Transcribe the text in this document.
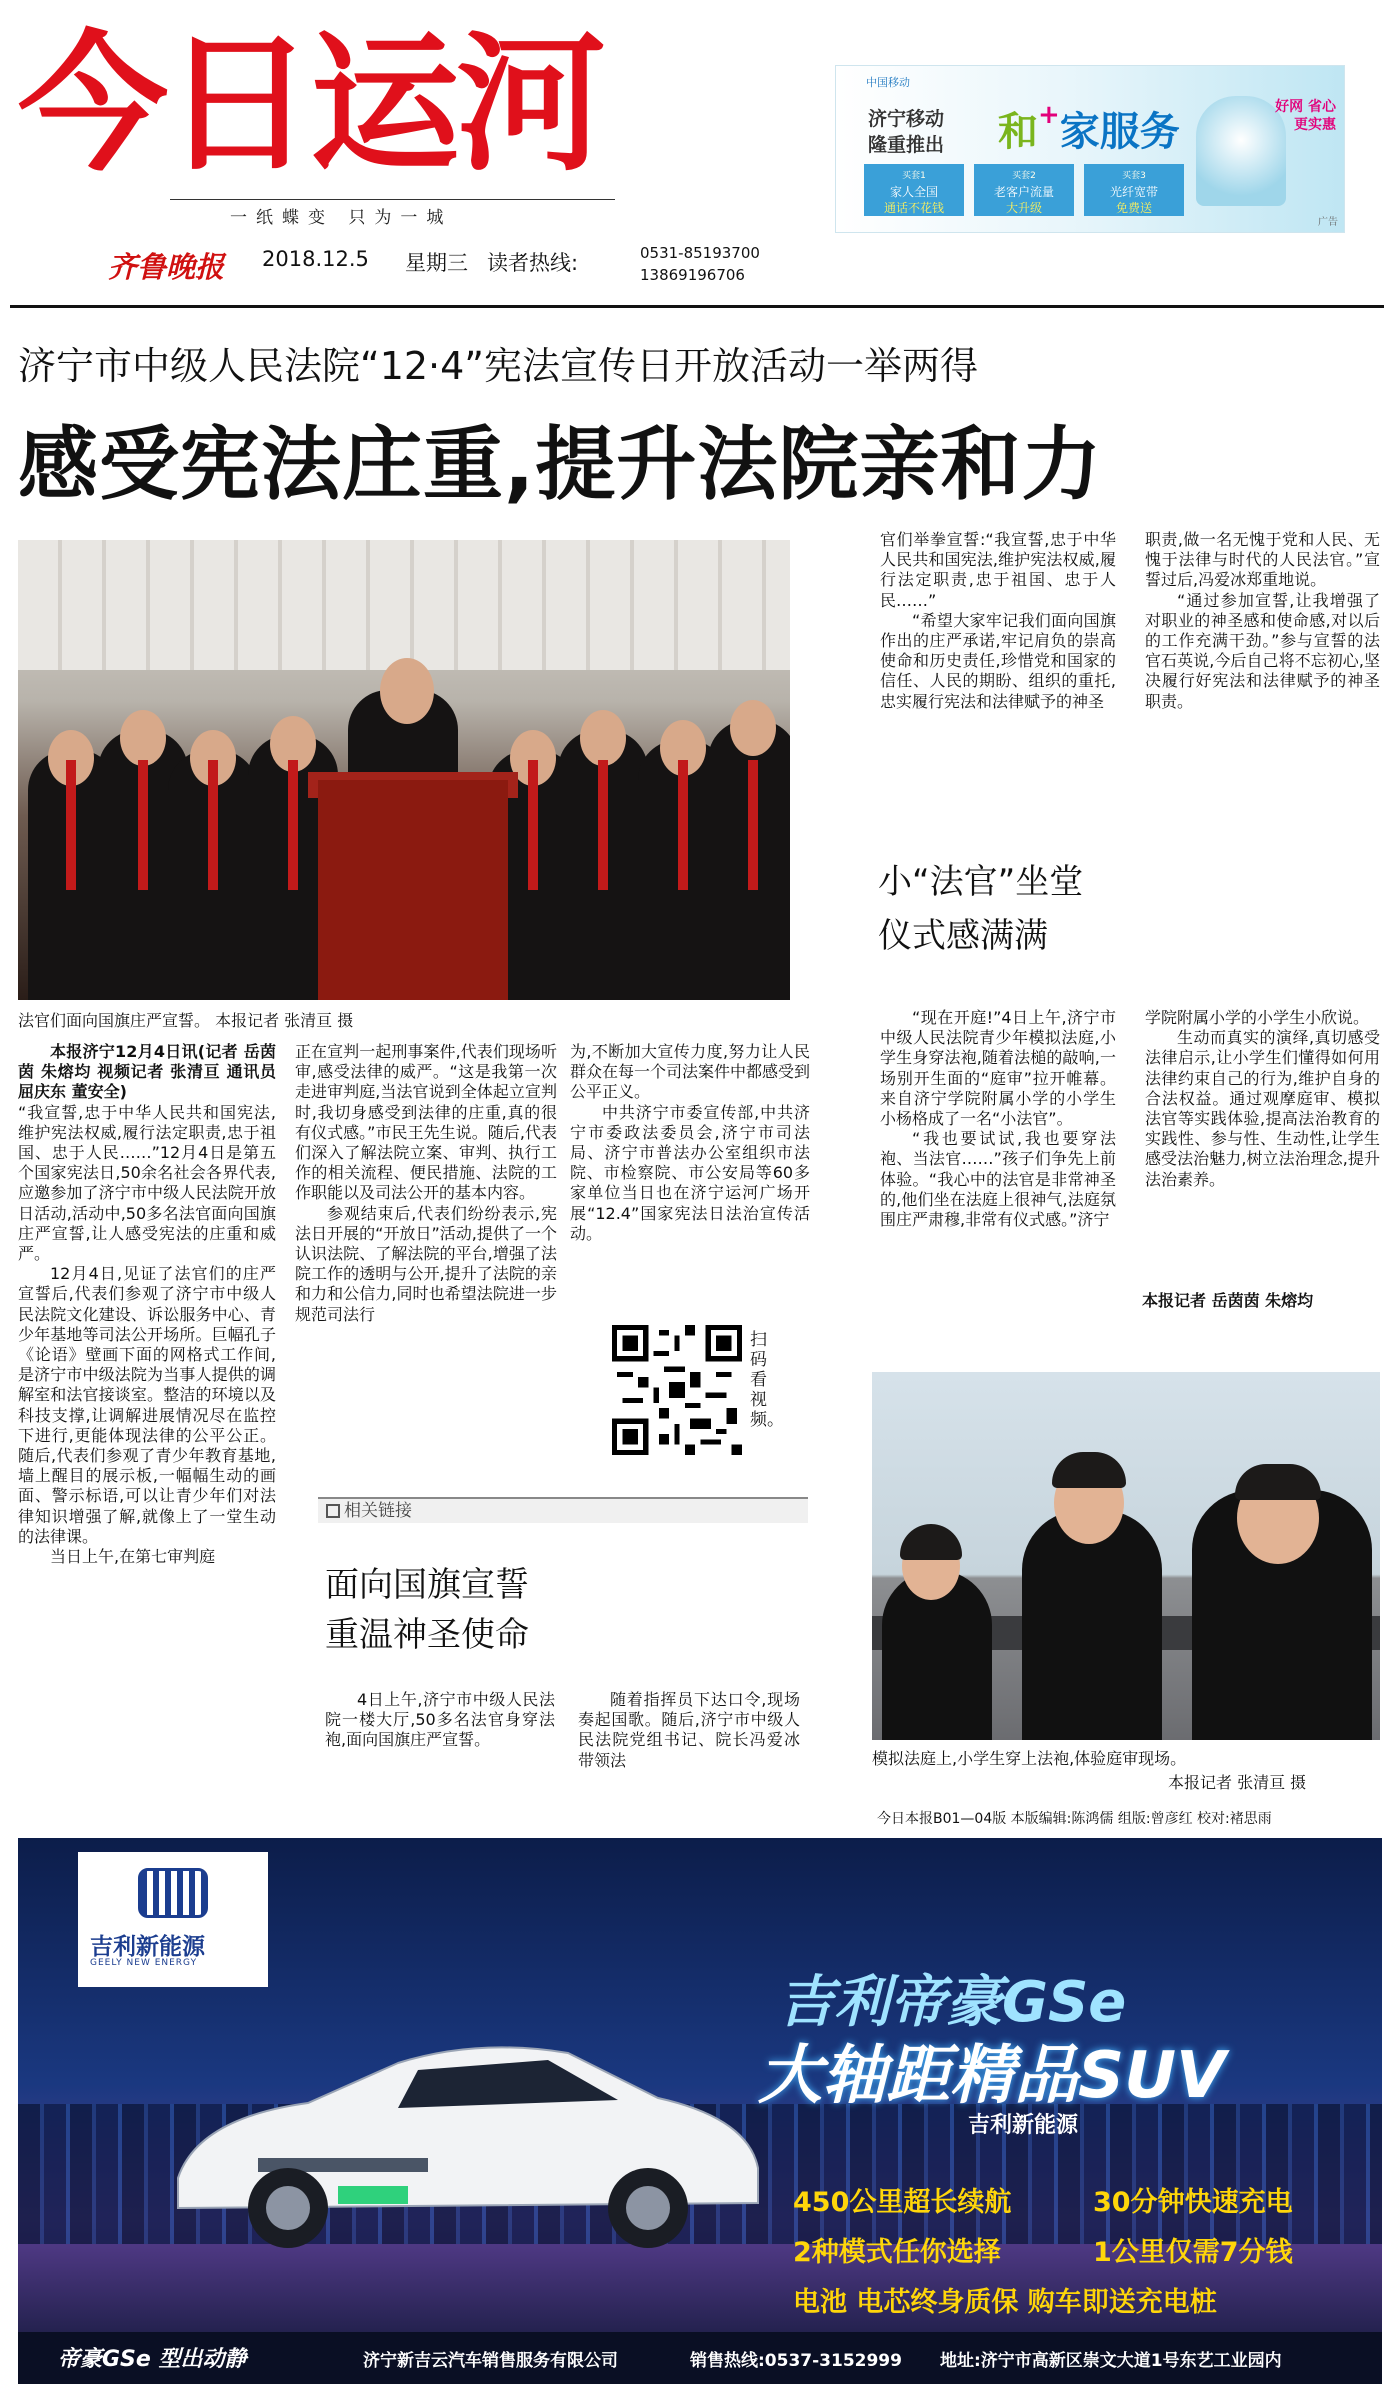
今日运河
一纸蝶变 只为一城
齐鲁晚报 2018.12.5 星期三 读者热线:	0531-85193700
13869196706
中国移动
济宁移动
隆重推出 和+家服务
买套1
家人全国
通话不花钱
买套2
老客户流量
大升级
买套3
光纤宽带
免费送
好网 省心
更实惠
广告
济宁市中级人民法院“12·4”宪法宣传日开放活动一举两得
感受宪法庄重,提升法院亲和力
法官们面向国旗庄严宣誓。 本报记者 张清亘 摄

本报济宁12月4日讯(记者 岳茵茵 朱熔均 视频记者 张清亘 通讯员 屈庆东 董安全)

“我宣誓,忠于中华人民共和国宪法,维护宪法权威,履行法定职责,忠于祖国、忠于人民……”12月4日是第五个国家宪法日,50余名社会各界代表,应邀参加了济宁市中级人民法院开放日活动,活动中,50多名法官面向国旗庄严宣誓,让人感受宪法的庄重和威严。

12月4日,见证了法官们的庄严宣誓后,代表们参观了济宁市中级人民法院文化建设、诉讼服务中心、青少年基地等司法公开场所。巨幅孔子《论语》壁画下面的网格式工作间,是济宁市中级法院为当事人提供的调解室和法官接谈室。整洁的环境以及科技支撑,让调解进展情况尽在监控下进行,更能体现法律的公平公正。随后,代表们参观了青少年教育基地,墙上醒目的展示板,一幅幅生动的画面、警示标语,可以让青少年们对法律知识增强了解,就像上了一堂生动的法律课。

当日上午,在第七审判庭

正在宣判一起刑事案件,代表们现场听审,感受法律的威严。“这是我第一次走进审判庭,当法官说到全体起立宣判时,我切身感受到法律的庄重,真的很有仪式感。”市民王先生说。随后,代表们深入了解法院立案、审判、执行工作的相关流程、便民措施、法院的工作职能以及司法公开的基本内容。

参观结束后,代表们纷纷表示,宪法日开展的“开放日”活动,提供了一个认识法院、了解法院的平台,增强了法院工作的透明与公开,提升了法院的亲和力和公信力,同时也希望法院进一步规范司法行

为,不断加大宣传力度,努力让人民群众在每一个司法案件中都感受到公平正义。

中共济宁市委宣传部,中共济宁市委政法委员会,济宁市司法局、济宁市普法办公室组织市法院、市检察院、市公安局等60多家单位当日也在济宁运河广场开展“12.4”国家宪法日法治宣传活动。

扫码看视频。
相关链接
面向国旗宣誓
重温神圣使命

4日上午,济宁市中级人民法院一楼大厅,50多名法官身穿法袍,面向国旗庄严宣誓。

随着指挥员下达口令,现场奏起国歌。随后,济宁市中级人民法院党组书记、院长冯爱冰带领法

官们举拳宣誓:“我宣誓,忠于中华人民共和国宪法,维护宪法权威,履行法定职责,忠于祖国、忠于人民……”

“希望大家牢记我们面向国旗作出的庄严承诺,牢记肩负的崇高使命和历史责任,珍惜党和国家的信任、人民的期盼、组织的重托,忠实履行宪法和法律赋予的神圣

职责,做一名无愧于党和人民、无愧于法律与时代的人民法官。”宣誓过后,冯爱冰郑重地说。

“通过参加宣誓,让我增强了对职业的神圣感和使命感,对以后的工作充满干劲。”参与宣誓的法官石英说,今后自己将不忘初心,坚决履行好宪法和法律赋予的神圣职责。

小“法官”坐堂
仪式感满满

“现在开庭!”4日上午,济宁市中级人民法院青少年模拟法庭,小学生身穿法袍,随着法槌的敲响,一场别开生面的“庭审”拉开帷幕。来自济宁学院附属小学的小学生小杨格成了一名“小法官”。

“我也要试试,我也要穿法袍、当法官……”孩子们争先上前体验。“我心中的法官是非常神圣的,他们坐在法庭上很神气,法庭氛围庄严肃穆,非常有仪式感。”济宁

学院附属小学的小学生小欣说。

生动而真实的演绎,真切感受法律启示,让小学生们懂得如何用法律约束自己的行为,维护自身的合法权益。通过观摩庭审、模拟法官等实践体验,提高法治教育的实践性、参与性、生动性,让学生感受法治魅力,树立法治理念,提升法治素养。

本报记者 岳茵茵 朱熔均
模拟法庭上,小学生穿上法袍,体验庭审现场。
本报记者 张清亘 摄
今日本报B01—04版 本版编辑:陈鸿儒 组版:曾彦红 校对:褚思雨
吉利新能源
GEELY NEW ENERGY
吉利帝豪GSe
大轴距精品SUV
吉利新能源
450公里超长续航	30分钟快速充电
2种模式任你选择	1公里仅需7分钱
电池 电芯终身质保 购车即送充电桩
帝豪GSe 型出动静	济宁新吉云汽车销售服务有限公司	销售热线:0537-3152999 地址:济宁市高新区崇文大道1号东艺工业园内
